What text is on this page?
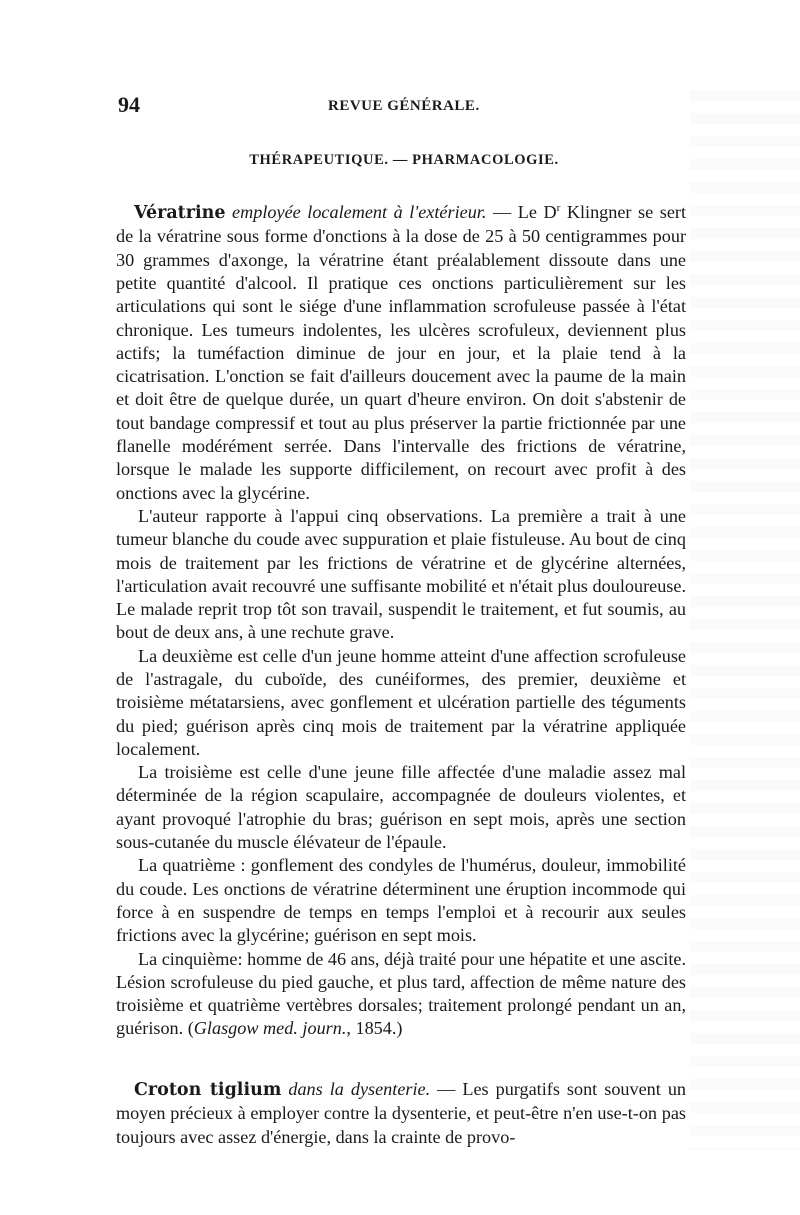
94	REVUE GÉNÉRALE.
THÉRAPEUTIQUE. — PHARMACOLOGIE.

Vératrine employée localement à l'extérieur. — Le $D^r$ Klingner se sert de la vératrine sous forme d'onctions à la dose de 25 à 50 centigrammes pour 30 grammes d'axonge, la vératrine étant préalablement dissoute dans une petite quantité d'alcool. Il pratique ces onctions particulièrement sur les articulations qui sont le siége d'une inflammation scrofuleuse passée à l'état chronique. Les tumeurs indolentes, les ulcères scrofuleux, deviennent plus actifs; la tuméfaction diminue de jour en jour, et la plaie tend à la cicatrisation. L'onction se fait d'ailleurs doucement avec la paume de la main et doit être de quelque durée, un quart d'heure environ. On doit s'abstenir de tout bandage compressif et tout au plus préserver la partie frictionnée par une flanelle modérément serrée. Dans l'intervalle des frictions de vératrine, lorsque le malade les supporte difficilement, on recourt avec profit à des onctions avec la glycérine.

L'auteur rapporte à l'appui cinq observations. La première a trait à une tumeur blanche du coude avec suppuration et plaie fistuleuse. Au bout de cinq mois de traitement par les frictions de vératrine et de glycérine alternées, l'articulation avait recouvré une suffisante mobilité et n'était plus douloureuse. Le malade reprit trop tôt son travail, suspendit le traitement, et fut soumis, au bout de deux ans, à une rechute grave.

La deuxième est celle d'un jeune homme atteint d'une affection scrofuleuse de l'astragale, du cuboïde, des cunéiformes, des premier, deuxième et troisième métatarsiens, avec gonflement et ulcération partielle des téguments du pied; guérison après cinq mois de traitement par la vératrine appliquée localement.

La troisième est celle d'une jeune fille affectée d'une maladie assez mal déterminée de la région scapulaire, accompagnée de douleurs violentes, et ayant provoqué l'atrophie du bras; guérison en sept mois, après une section sous-cutanée du muscle élévateur de l'épaule.

La quatrième : gonflement des condyles de l'humérus, douleur, immobilité du coude. Les onctions de vératrine déterminent une éruption incommode qui force à en suspendre de temps en temps l'emploi et à recourir aux seules frictions avec la glycérine; guérison en sept mois.

La cinquième: homme de 46 ans, déjà traité pour une hépatite et une ascite. Lésion scrofuleuse du pied gauche, et plus tard, affection de même nature des troisième et quatrième vertèbres dorsales; traitement prolongé pendant un an, guérison. (Glasgow med. journ., 1854.)

Croton tiglium dans la dysenterie. — Les purgatifs sont souvent un moyen précieux à employer contre la dysenterie, et peut-être n'en use-t-on pas toujours avec assez d'énergie, dans la crainte de provo-
